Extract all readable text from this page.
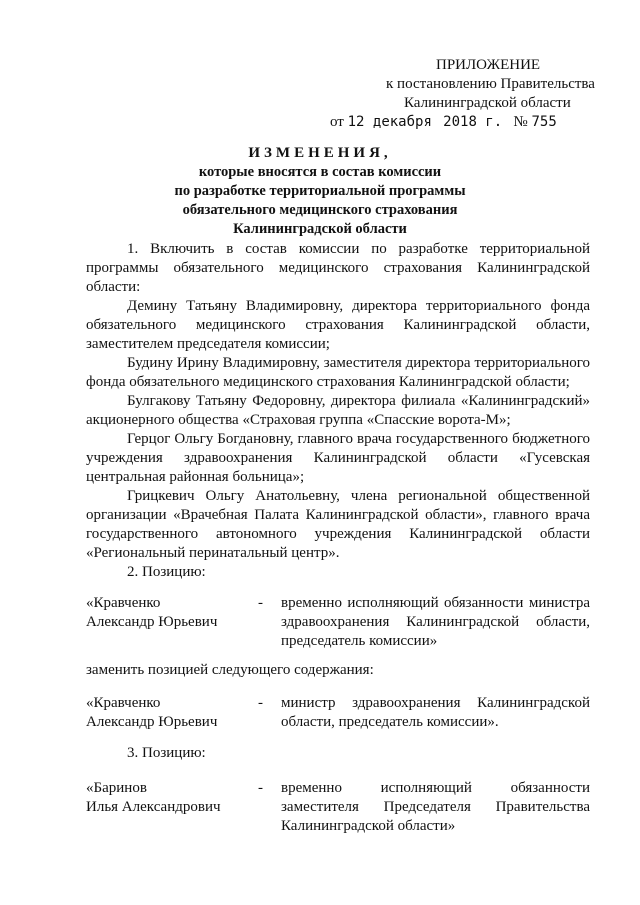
ПРИЛОЖЕНИЕ
к постановлению Правительства
Калининградской области
от 12 декабря 2018 г. № 755
ИЗМЕНЕНИЯ,
которые вносятся в состав комиссии
по разработке территориальной программы
обязательного медицинского страхования
Калининградской области

1. Включить в состав комиссии по разработке территориальной программы обязательного медицинского страхования Калининградской области:

Демину Татьяну Владимировну, директора территориального фонда обязательного медицинского страхования Калининградской области, заместителем председателя комиссии;

Будину Ирину Владимировну, заместителя директора территориального фонда обязательного медицинского страхования Калининградской области;

Булгакову Татьяну Федоровну, директора филиала «Калининградский» акционерного общества «Страховая группа «Спасские ворота-М»;

Герцог Ольгу Богдановну, главного врача государственного бюджетного учреждения здравоохранения Калининградской области «Гусевская центральная районная больница»;

Грицкевич Ольгу Анатольевну, члена региональной общественной организации «Врачебная Палата Калининградской области», главного врача государственного автономного учреждения Калининградской области «Региональный перинатальный центр».

2. Позицию:

«Кравченко
Александр Юрьевич
- временно исполняющий обязанности министра здравоохранения Калининградской области, председатель комиссии»
заменить позицией следующего содержания:
«Кравченко
Александр Юрьевич
- министр здравоохранения Калининградской области, председатель комиссии».
3. Позицию:
«Баринов
Илья Александрович
- временно исполняющий обязанности заместителя Председателя Правительства Калининградской области»
